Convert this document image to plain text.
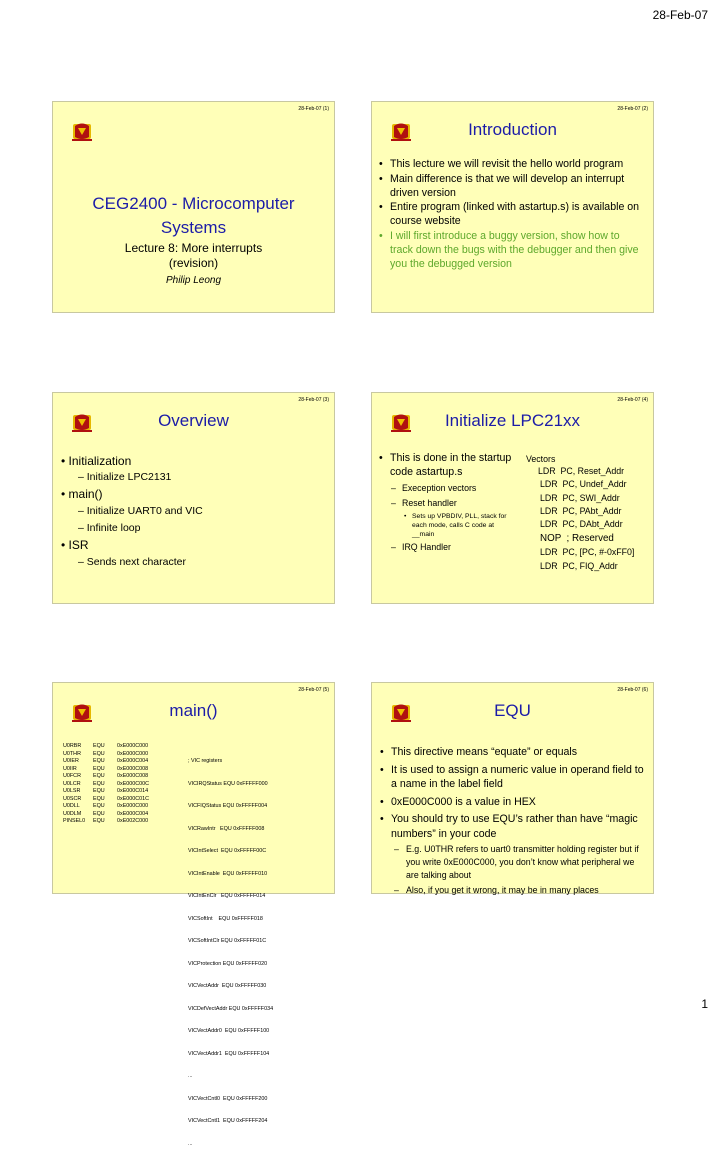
28-Feb-07
28-Feb-07 (1)
CEG2400 - Microcomputer
Systems
Lecture 8: More interrupts
(revision)
Philip Leong
28-Feb-07 (2)
Introduction
• This lecture we will revisit the hello world program
• Main difference is that we will develop an interrupt driven version
• Entire program (linked with astartup.s) is available on course website
• I will first introduce a buggy version, show how to track down the bugs with the debugger and then give you the debugged version
28-Feb-07 (3)
Overview
• Initialization
– Initialize LPC2131
• main()
– Initialize UART0 and VIC
– Infinite loop
• ISR
– Sends next character
28-Feb-07 (4)
Initialize LPC21xx
• This is done in the startup code astartup.s
– Exeception vectors
– Reset handler
• Sets up VPBDIV, PLL, stack for each mode, calls C code at __main
– IRQ Handler
Vectors
LDR  PC, Reset_Addr
LDR  PC, Undef_Addr
LDR  PC, SWI_Addr
LDR  PC, PAbt_Addr
LDR  PC, DAbt_Addr
NOP  ; Reserved
LDR  PC, [PC, #-0xFF0]
LDR  PC, FIQ_Addr
28-Feb-07 (5)
main()
U0RBR	EQU	0xE000C000
U0THR	EQU	0xE000C000
U0IER	EQU	0xE000C004
U0IIR	EQU	0xE000C008
U0FCR	EQU	0xE000C008
U0LCR	EQU	0xE000C00C
U0LSR	EQU	0xE000C014
U0SCR	EQU	0xE000C01C
U0DLL	EQU	0xE000C000
U0DLM	EQU	0xE000C004
PINSEL0	EQU	0xE002C000

; VIC registers

VICIRQStatus EQU 0xFFFFF000

VICFIQStatus EQU 0xFFFFF004

VICRawIntr   EQU 0xFFFFF008

VICIntSelect  EQU 0xFFFFF00C

VICIntEnable  EQU 0xFFFFF010

VICIntEnClr   EQU 0xFFFFF014

VICSoftInt    EQU 0xFFFFF018

VICSoftIntClr EQU 0xFFFFF01C

VICProtection EQU 0xFFFFF020

VICVectAddr  EQU 0xFFFFF030

VICDefVectAddr EQU 0xFFFFF034

VICVectAddr0  EQU 0xFFFFF100

VICVectAddr1  EQU 0xFFFFF104

...

VICVectCntl0  EQU 0xFFFFF200

VICVectCntl1  EQU 0xFFFFF204

...

28-Feb-07 (6)
EQU
• This directive means “equate” or equals
• It is used to assign a numeric value in operand field to a name in the label field
• 0xE000C000 is a value in HEX
• You should try to use EQU’s rather than have “magic numbers” in your code
– E.g. U0THR refers to uart0 transmitter holding register but if you write 0xE000C000, you don’t know what peripheral we are talking about
– Also, if you get it wrong, it may be in many places
1
